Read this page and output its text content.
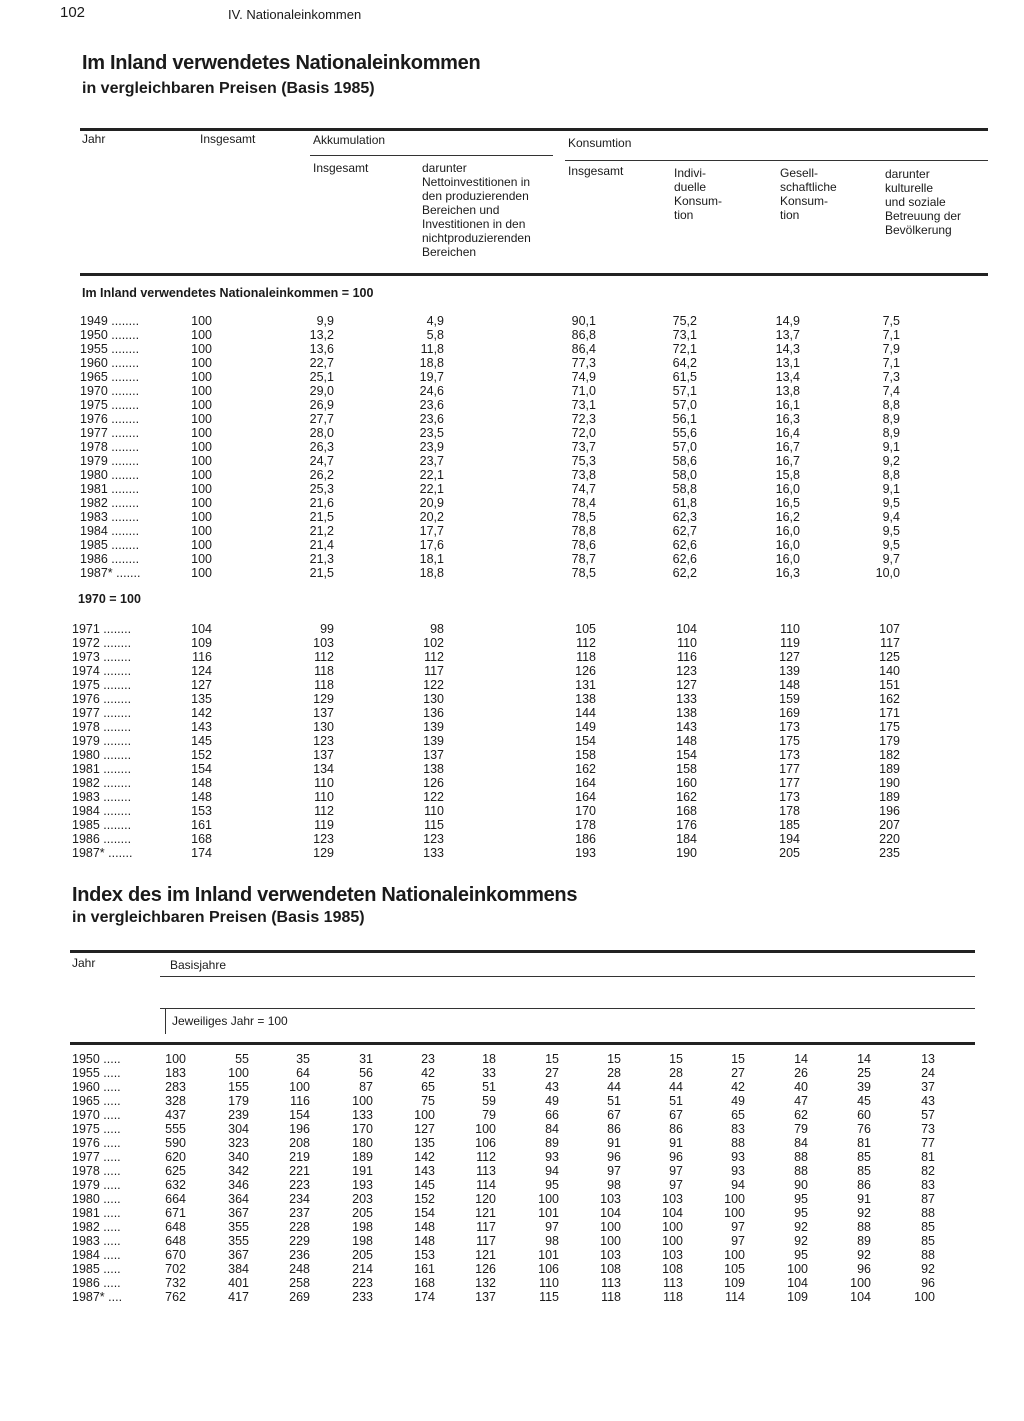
102	IV. Nationaleinkommen
Im Inland verwendetes Nationaleinkommen
in vergleichbaren Preisen (Basis 1985)
Jahr	Insgesamt	Akkumulation
Insgesamt	darunter
Nettoinvestitionen in
den produzierenden
Bereichen und
Investitionen in den
nichtproduzierenden
Bereichen
Konsumtion
Insgesamt	Indivi-
duelle
Konsum-
tion
Gesell-
schaftliche
Konsum-
tion
darunter
kulturelle
und soziale
Betreuung der
Bevölkerung
Im Inland verwendetes Nationaleinkommen = 100
1970 = 100
1949 ........	100	9,9	4,9	90,1	75,2	14,9	7,5
1950 ........	100	13,2	5,8	86,8	73,1	13,7	7,1
1955 ........	100	13,6	11,8	86,4	72,1	14,3	7,9
1960 ........	100	22,7	18,8	77,3	64,2	13,1	7,1
1965 ........	100	25,1	19,7	74,9	61,5	13,4	7,3
1970 ........	100	29,0	24,6	71,0	57,1	13,8	7,4
1975 ........	100	26,9	23,6	73,1	57,0	16,1	8,8
1976 ........	100	27,7	23,6	72,3	56,1	16,3	8,9
1977 ........	100	28,0	23,5	72,0	55,6	16,4	8,9
1978 ........	100	26,3	23,9	73,7	57,0	16,7	9,1
1979 ........	100	24,7	23,7	75,3	58,6	16,7	9,2
1980 ........	100	26,2	22,1	73,8	58,0	15,8	8,8
1981 ........	100	25,3	22,1	74,7	58,8	16,0	9,1
1982 ........	100	21,6	20,9	78,4	61,8	16,5	9,5
1983 ........	100	21,5	20,2	78,5	62,3	16,2	9,4
1984 ........	100	21,2	17,7	78,8	62,7	16,0	9,5
1985 ........	100	21,4	17,6	78,6	62,6	16,0	9,5
1986 ........	100	21,3	18,1	78,7	62,6	16,0	9,7
1987* .......	100	21,5	18,8	78,5	62,2	16,3	10,0
1971 ........	104	99	98	105	104	110	107
1972 ........	109	103	102	112	110	119	117
1973 ........	116	112	112	118	116	127	125
1974 ........	124	118	117	126	123	139	140
1975 ........	127	118	122	131	127	148	151
1976 ........	135	129	130	138	133	159	162
1977 ........	142	137	136	144	138	169	171
1978 ........	143	130	139	149	143	173	175
1979 ........	145	123	139	154	148	175	179
1980 ........	152	137	137	158	154	173	182
1981 ........	154	134	138	162	158	177	189
1982 ........	148	110	126	164	160	177	190
1983 ........	148	110	122	164	162	173	189
1984 ........	153	112	110	170	168	178	196
1985 ........	161	119	115	178	176	185	207
1986 ........	168	123	123	186	184	194	220
1987* .......	174	129	133	193	190	205	235
Index des im Inland verwendeten Nationaleinkommens
in vergleichbaren Preisen (Basis 1985)
Jahr	Basisjahre
Jeweiliges Jahr = 100
1950 .....	100	55	35	31	23	18	15	15	15	15	14	14	13
1955 .....	183	100	64	56	42	33	27	28	28	27	26	25	24
1960 .....	283	155	100	87	65	51	43	44	44	42	40	39	37
1965 .....	328	179	116	100	75	59	49	51	51	49	47	45	43
1970 .....	437	239	154	133	100	79	66	67	67	65	62	60	57
1975 .....	555	304	196	170	127	100	84	86	86	83	79	76	73
1976 .....	590	323	208	180	135	106	89	91	91	88	84	81	77
1977 .....	620	340	219	189	142	112	93	96	96	93	88	85	81
1978 .....	625	342	221	191	143	113	94	97	97	93	88	85	82
1979 .....	632	346	223	193	145	114	95	98	97	94	90	86	83
1980 .....	664	364	234	203	152	120	100	103	103	100	95	91	87
1981 .....	671	367	237	205	154	121	101	104	104	100	95	92	88
1982 .....	648	355	228	198	148	117	97	100	100	97	92	88	85
1983 .....	648	355	229	198	148	117	98	100	100	97	92	89	85
1984 .....	670	367	236	205	153	121	101	103	103	100	95	92	88
1985 .....	702	384	248	214	161	126	106	108	108	105	100	96	92
1986 .....	732	401	258	223	168	132	110	113	113	109	104	100	96
1987* ....	762	417	269	233	174	137	115	118	118	114	109	104	100
